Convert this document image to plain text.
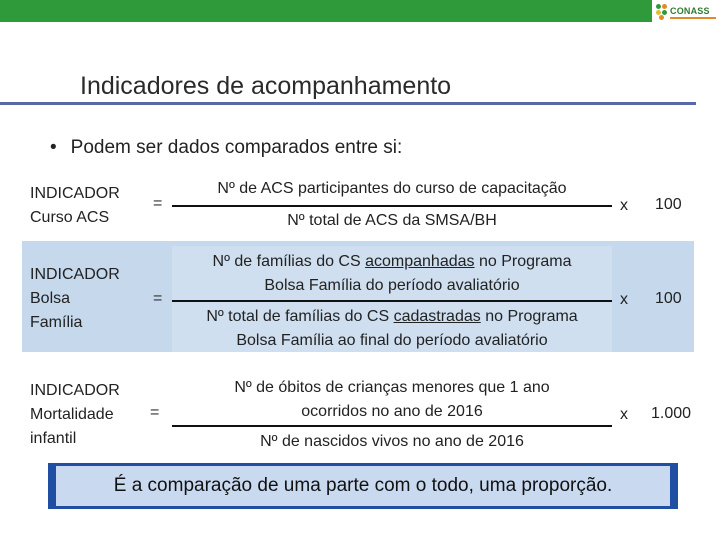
CONASS
Indicadores de acompanhamento
• Podem ser dados comparados entre si:
INDICADOR
Curso ACS
=
Nº de ACS participantes do curso de capacitação
Nº total de ACS da SMSA/BH
x 100
INDICADOR
Bolsa
Família
=
Nº de famílias do CS acompanhadas no Programa
Bolsa Família do período avaliatório
Nº total de famílias do CS cadastradas no Programa
Bolsa Família ao final do período avaliatório
x 100
INDICADOR
Mortalidade
infantil
=
Nº de óbitos de crianças menores que 1 ano
ocorridos no ano de 2016
Nº de nascidos vivos no ano de 2016
x 1.000
É a comparação de uma parte com o todo, uma proporção.
